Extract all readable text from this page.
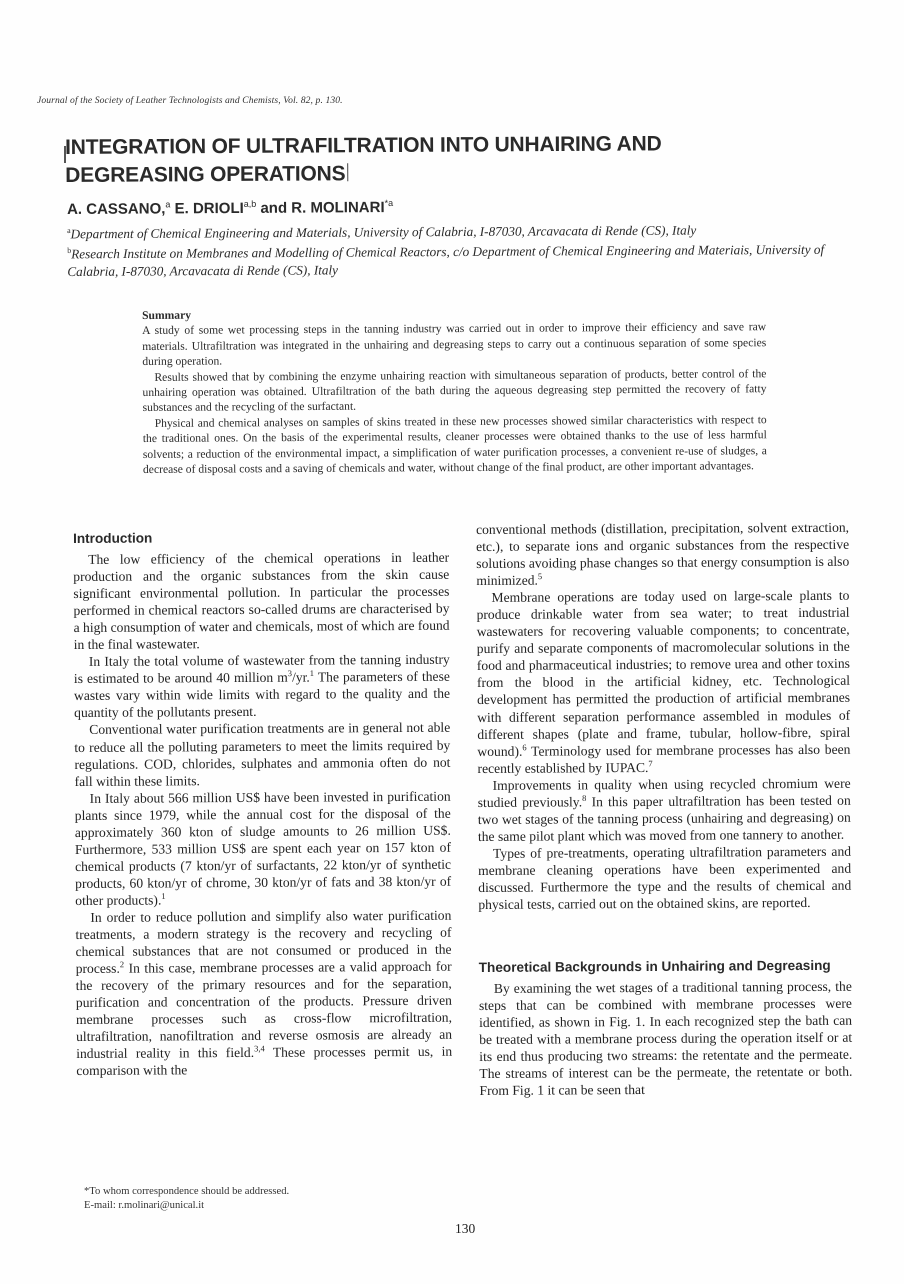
Journal of the Society of Leather Technologists and Chemists, Vol. 82, p. 130.
INTEGRATION OF ULTRAFILTRATION INTO UNHAIRING AND
DEGREASING OPERATIONS
A. CASSANO,$^a$ E. DRIOLI$^{a,b}$ and R. MOLINARI$^{*a}$
$^a$Department of Chemical Engineering and Materials, University of Calabria, I-87030, Arcavacata di Rende (CS), Italy
$^b$Research Institute on Membranes and Modelling of Chemical Reactors, c/o Department of Chemical Engineering and Materiais, University of Calabria, I-87030, Arcavacata di Rende (CS), Italy
Summary

A study of some wet processing steps in the tanning industry was carried out in order to improve their efficiency and save raw materials. Ultrafiltration was integrated in the unhairing and degreasing steps to carry out a continuous separation of some species during operation.

Results showed that by combining the enzyme unhairing reaction with simultaneous separation of products, better control of the unhairing operation was obtained. Ultrafiltration of the bath during the aqueous degreasing step permitted the recovery of fatty substances and the recycling of the surfactant.

Physical and chemical analyses on samples of skins treated in these new processes showed similar characteristics with respect to the traditional ones. On the basis of the experimental results, cleaner processes were obtained thanks to the use of less harmful solvents; a reduction of the environmental impact, a simplification of water purification processes, a convenient re-use of sludges, a decrease of disposal costs and a saving of chemicals and water, without change of the final product, are other important advantages.

Introduction

The low efficiency of the chemical operations in leather production and the organic substances from the skin cause significant environmental pollution. In particular the processes performed in chemical reactors so-called drums are characterised by a high consumption of water and chemicals, most of which are found in the final wastewater.

In Italy the total volume of wastewater from the tanning industry is estimated to be around 40 million $m^3/yr.^1$ The parameters of these wastes vary within wide limits with regard to the quality and the quantity of the pollutants present.

Conventional water purification treatments are in general not able to reduce all the polluting parameters to meet the limits required by regulations. COD, chlorides, sulphates and ammonia often do not fall within these limits.

In Italy about 566 million US$ have been invested in purification plants since 1979, while the annual cost for the disposal of the approximately 360 kton of sludge amounts to 26 million US$. Furthermore, 533 million US$ are spent each year on 157 kton of chemical products (7 kton/yr of surfactants, 22 kton/yr of synthetic products, 60 kton/yr of chrome, 30 kton/yr of fats and 38 kton/yr of other products).$^1$

In order to reduce pollution and simplify also water purification treatments, a modern strategy is the recovery and recycling of chemical substances that are not consumed or produced in the process.$^2$ In this case, membrane processes are a valid approach for the recovery of the primary resources and for the separation, purification and concentration of the products. Pressure driven membrane processes such as cross-flow microfiltration, ultrafiltration, nanofiltration and reverse osmosis are already an industrial reality in this field.$^{3,4}$ These processes permit us, in comparison with the

conventional methods (distillation, precipitation, solvent extraction, etc.), to separate ions and organic substances from the respective solutions avoiding phase changes so that energy consumption is also minimized.$^5$

Membrane operations are today used on large-scale plants to produce drinkable water from sea water; to treat industrial wastewaters for recovering valuable components; to concentrate, purify and separate components of macromolecular solutions in the food and pharmaceutical industries; to remove urea and other toxins from the blood in the artificial kidney, etc. Technological development has permitted the production of artificial membranes with different separation performance assembled in modules of different shapes (plate and frame, tubular, hollow-fibre, spiral wound).$^6$ Terminology used for membrane processes has also been recently established by IUPAC.$^7$

Improvements in quality when using recycled chromium were studied previously.$^8$ In this paper ultrafiltration has been tested on two wet stages of the tanning process (unhairing and degreasing) on the same pilot plant which was moved from one tannery to another.

Types of pre-treatments, operating ultrafiltration parameters and membrane cleaning operations have been experimented and discussed. Furthermore the type and the results of chemical and physical tests, carried out on the obtained skins, are reported.

Theoretical Backgrounds in Unhairing and Degreasing

By examining the wet stages of a traditional tanning process, the steps that can be combined with membrane processes were identified, as shown in Fig. 1. In each recognized step the bath can be treated with a membrane process during the operation itself or at its end thus producing two streams: the retentate and the permeate. The streams of interest can be the permeate, the retentate or both. From Fig. 1 it can be seen that

*To whom correspondence should be addressed.
E-mail: r.molinari@unical.it
130
